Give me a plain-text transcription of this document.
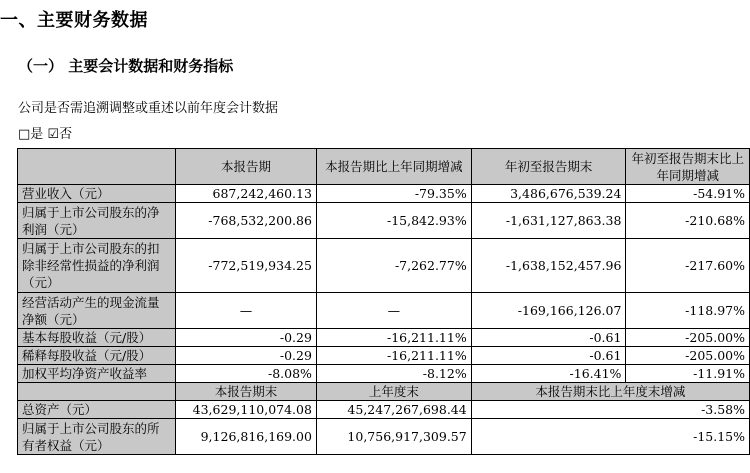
一、主要财务数据
（一） 主要会计数据和财务指标
公司是否需追溯调整或重述以前年度会计数据
□是 ☑否
	本报告期	本报告期比上年同期增减	年初至报告期末	年初至报告期末比上年同期增减
营业收入（元）	687,242,460.13	-79.35%	3,486,676,539.24	-54.91%
归属于上市公司股东的净利润（元）	-768,532,200.86	-15,842.93%	-1,631,127,863.38	-210.68%
归属于上市公司股东的扣除非经常性损益的净利润（元）	-772,519,934.25	-7,262.77%	-1,638,152,457.96	-217.60%
经营活动产生的现金流量净额（元）	—	—	-169,166,126.07	-118.97%
基本每股收益（元/股）	-0.29	-16,211.11%	-0.61	-205.00%
稀释每股收益（元/股）	-0.29	-16,211.11%	-0.61	-205.00%
加权平均净资产收益率	-8.08%	-8.12%	-16.41%	-11.91%
	本报告期末	上年度末	本报告期末比上年度末增减	
总资产（元）	43,629,110,074.08	45,247,267,698.44	-3.58%	
归属于上市公司股东的所有者权益（元）	9,126,816,169.00	10,756,917,309.57	-15.15%	
